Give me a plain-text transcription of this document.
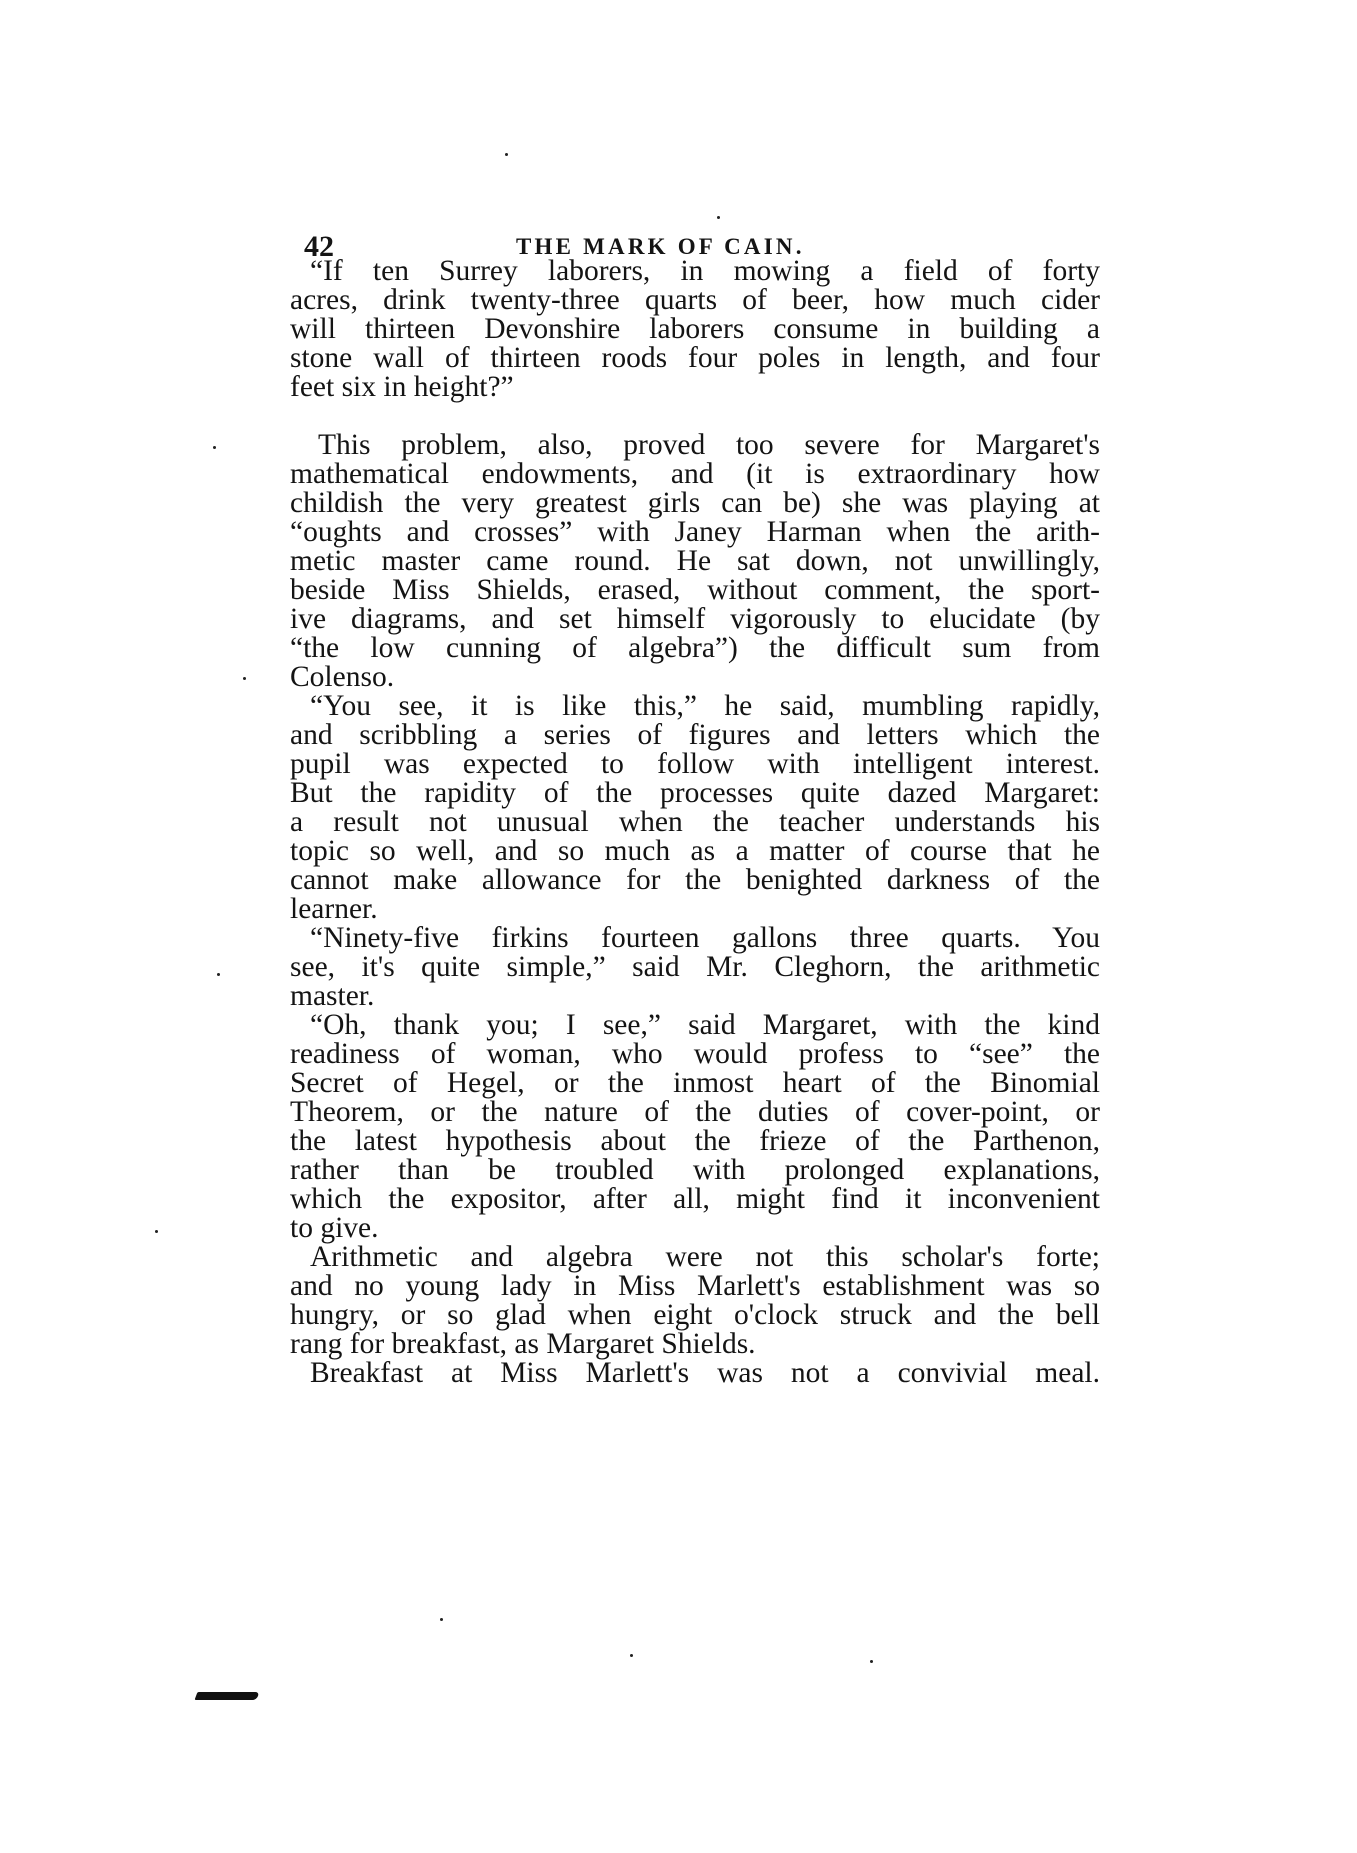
42	THE MARK OF CAIN.
“If ten Surrey laborers, in mowing a field of forty
acres, drink twenty-three quarts of beer, how much cider
will thirteen Devonshire laborers consume in building a
stone wall of thirteen roods four poles in length, and four
feet six in height?”
This problem, also, proved too severe for Margaret's
mathematical endowments, and (it is extraordinary how
childish the very greatest girls can be) she was playing at
“oughts and crosses” with Janey Harman when the arith-
metic master came round. He sat down, not unwillingly,
beside Miss Shields, erased, without comment, the sport-
ive diagrams, and set himself vigorously to elucidate (by
“the low cunning of algebra”) the difficult sum from
Colenso.
“You see, it is like this,” he said, mumbling rapidly,
and scribbling a series of figures and letters which the
pupil was expected to follow with intelligent interest.
But the rapidity of the processes quite dazed Margaret:
a result not unusual when the teacher understands his
topic so well, and so much as a matter of course that he
cannot make allowance for the benighted darkness of the
learner.
“Ninety-five firkins fourteen gallons three quarts. You
see, it's quite simple,” said Mr. Cleghorn, the arithmetic
master.
“Oh, thank you; I see,” said Margaret, with the kind
readiness of woman, who would profess to “see” the
Secret of Hegel, or the inmost heart of the Binomial
Theorem, or the nature of the duties of cover-point, or
the latest hypothesis about the frieze of the Parthenon,
rather than be troubled with prolonged explanations,
which the expositor, after all, might find it inconvenient
to give.
Arithmetic and algebra were not this scholar's forte;
and no young lady in Miss Marlett's establishment was so
hungry, or so glad when eight o'clock struck and the bell
rang for breakfast, as Margaret Shields.
Breakfast at Miss Marlett's was not a convivial meal.
